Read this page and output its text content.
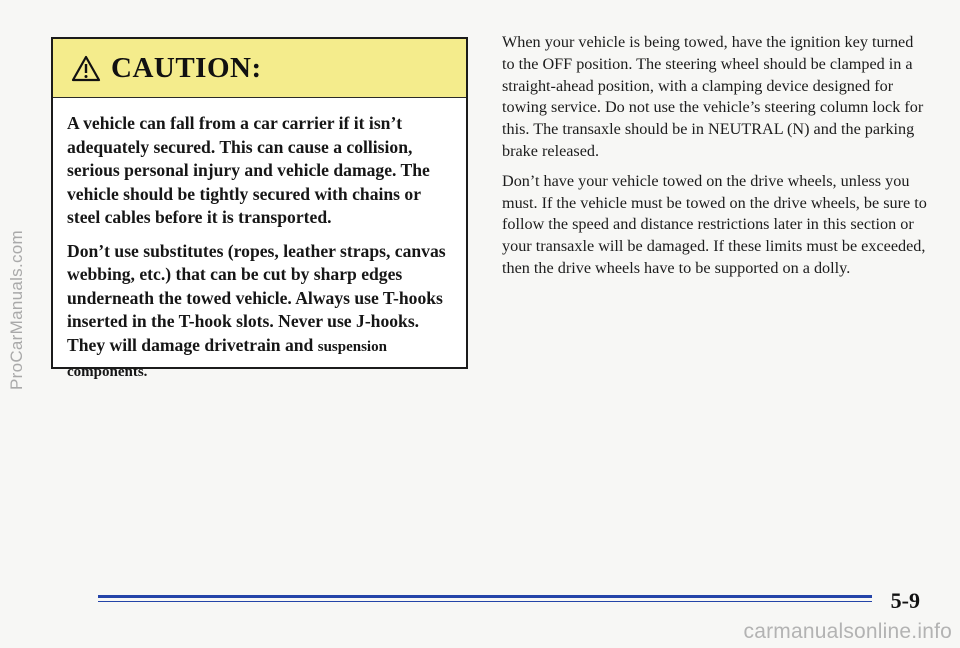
ProCarManuals.com
CAUTION:

A vehicle can fall from a car carrier if it isn’t adequately secured. This can cause a collision, serious personal injury and vehicle damage. The vehicle should be tightly secured with chains or steel cables before it is transported.

Don’t use substitutes (ropes, leather straps, canvas webbing, etc.) that can be cut by sharp edges underneath the towed vehicle. Always use T-hooks inserted in the T-hook slots. Never use J-hooks. They will damage drivetrain and suspension components.

When your vehicle is being towed, have the ignition key turned to the OFF position. The steering wheel should be clamped in a straight-ahead position, with a clamping device designed for towing service. Do not use the vehicle’s steering column lock for this. The transaxle should be in NEUTRAL (N) and the parking brake released.

Don’t have your vehicle towed on the drive wheels, unless you must. If the vehicle must be towed on the drive wheels, be sure to follow the speed and distance restrictions later in this section or your transaxle will be damaged. If these limits must be exceeded, then the drive wheels have to be supported on a dolly.

5-9
carmanualsonline.info
